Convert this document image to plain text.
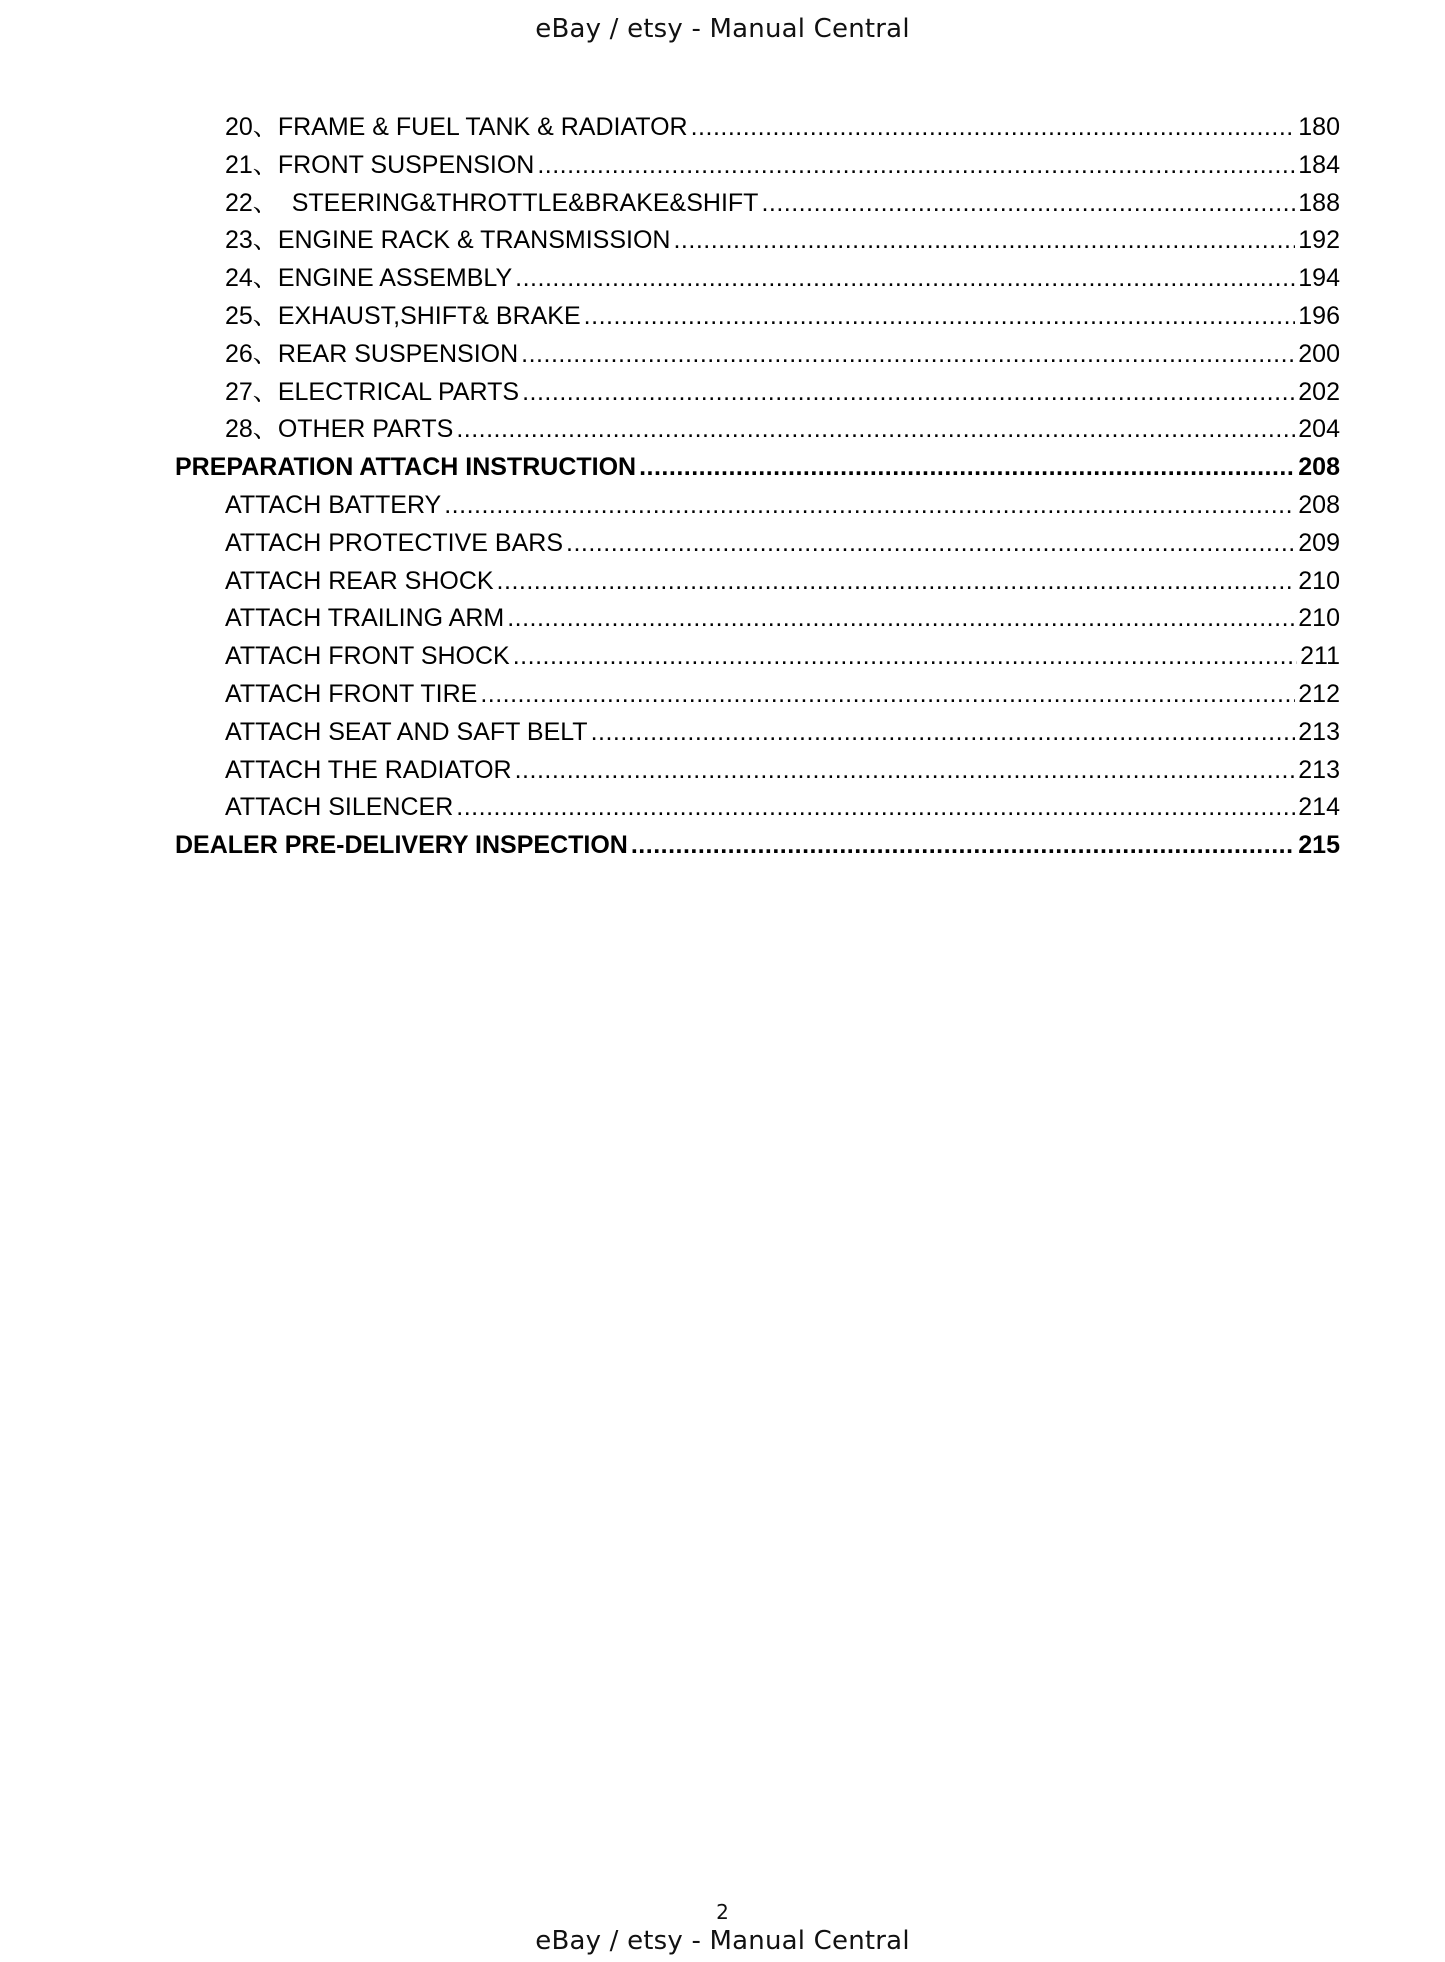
eBay / etsy - Manual Central
20、FRAME & FUEL TANK & RADIATOR .....	180
21、FRONT SUSPENSION .....	184
22、  STEERING&THROTTLE&BRAKE&SHIFT .....	188
23、ENGINE RACK & TRANSMISSION .....	192
24、ENGINE ASSEMBLY .....	194
25、EXHAUST,SHIFT& BRAKE .....	196
26、REAR SUSPENSION .....	200
27、ELECTRICAL PARTS .....	202
28、OTHER PARTS .....	204
PREPARATION ATTACH INSTRUCTION .....	208
ATTACH BATTERY .....	208
ATTACH PROTECTIVE BARS .....	209
ATTACH REAR SHOCK .....	210
ATTACH TRAILING ARM .....	210
ATTACH FRONT SHOCK .....	211
ATTACH FRONT TIRE .....	212
ATTACH SEAT AND SAFT BELT .....	213
ATTACH THE RADIATOR .....	213
ATTACH SILENCER .....	214
DEALER PRE-DELIVERY INSPECTION .....	215
2
eBay / etsy - Manual Central
